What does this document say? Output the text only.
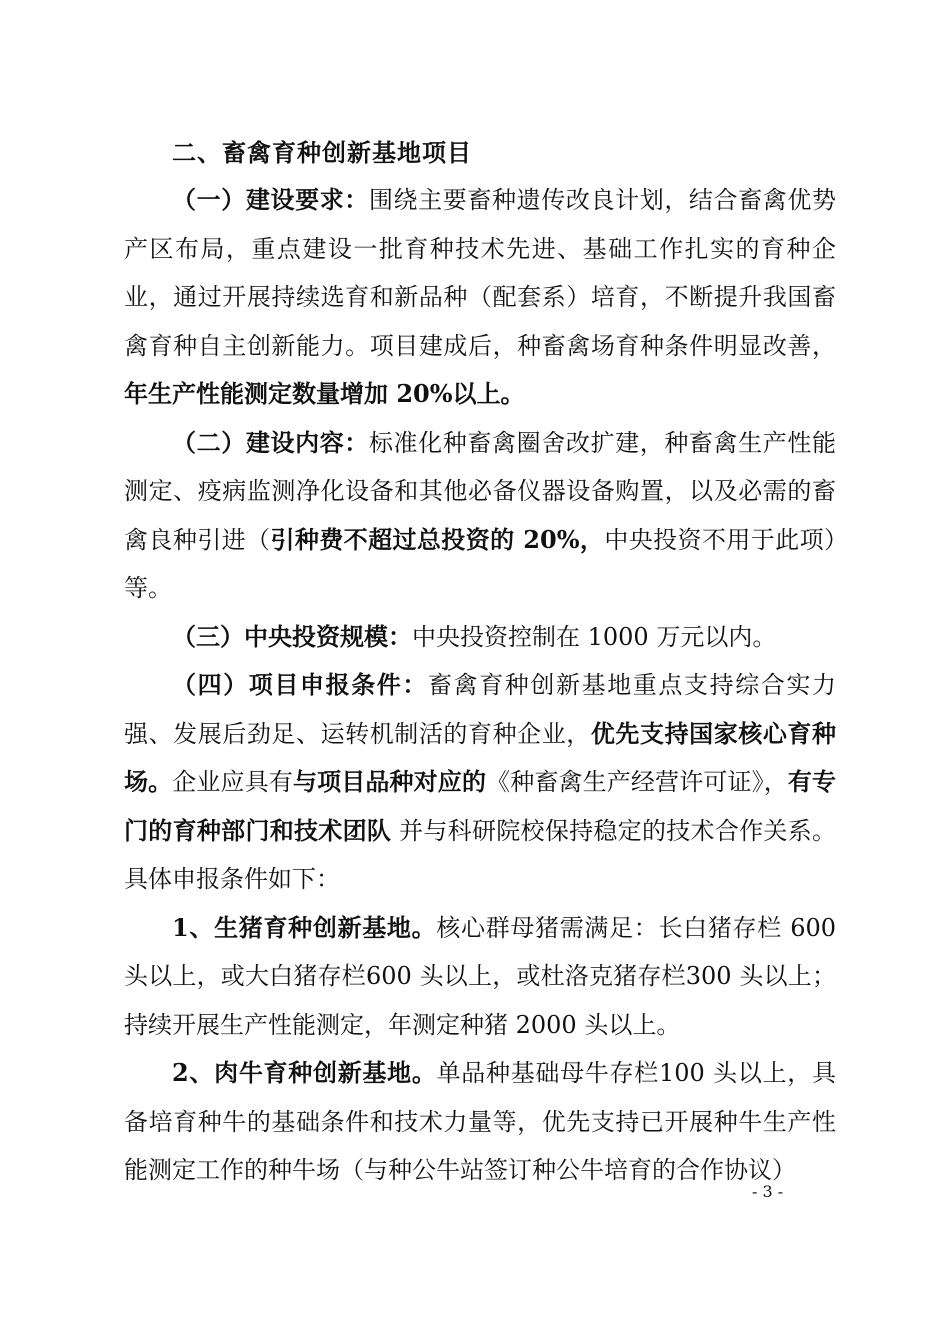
二、畜禽育种创新基地项目

（一）建设要求：围绕主要畜种遗传改良计划，结合畜禽优势产区布局，重点建设一批育种技术先进、基础工作扎实的育种企业，通过开展持续选育和新品种（配套系）培育，不断提升我国畜禽育种自主创新能力。项目建成后，种畜禽场育种条件明显改善，年生产性能测定数量增加 20%以上。

（二）建设内容：标准化种畜禽圈舍改扩建，种畜禽生产性能测定、疫病监测净化设备和其他必备仪器设备购置，以及必需的畜禽良种引进（引种费不超过总投资的 20%，中央投资不用于此项）等。

（三）中央投资规模：中央投资控制在 1000 万元以内。

（四）项目申报条件：畜禽育种创新基地重点支持综合实力强、发展后劲足、运转机制活的育种企业，优先支持国家核心育种场。企业应具有与项目品种对应的《种畜禽生产经营许可证》，有专门的育种部门和技术团队 并与科研院校保持稳定的技术合作关系。具体申报条件如下：

1、生猪育种创新基地。核心群母猪需满足：长白猪存栏 600 头以上，或大白猪存栏600 头以上，或杜洛克猪存栏300 头以上；持续开展生产性能测定，年测定种猪 2000 头以上。

2、肉牛育种创新基地。单品种基础母牛存栏100 头以上，具备培育种牛的基础条件和技术力量等，优先支持已开展种牛生产性能测定工作的种牛场（与种公牛站签订种公牛培育的合作协议）

- 3 -
